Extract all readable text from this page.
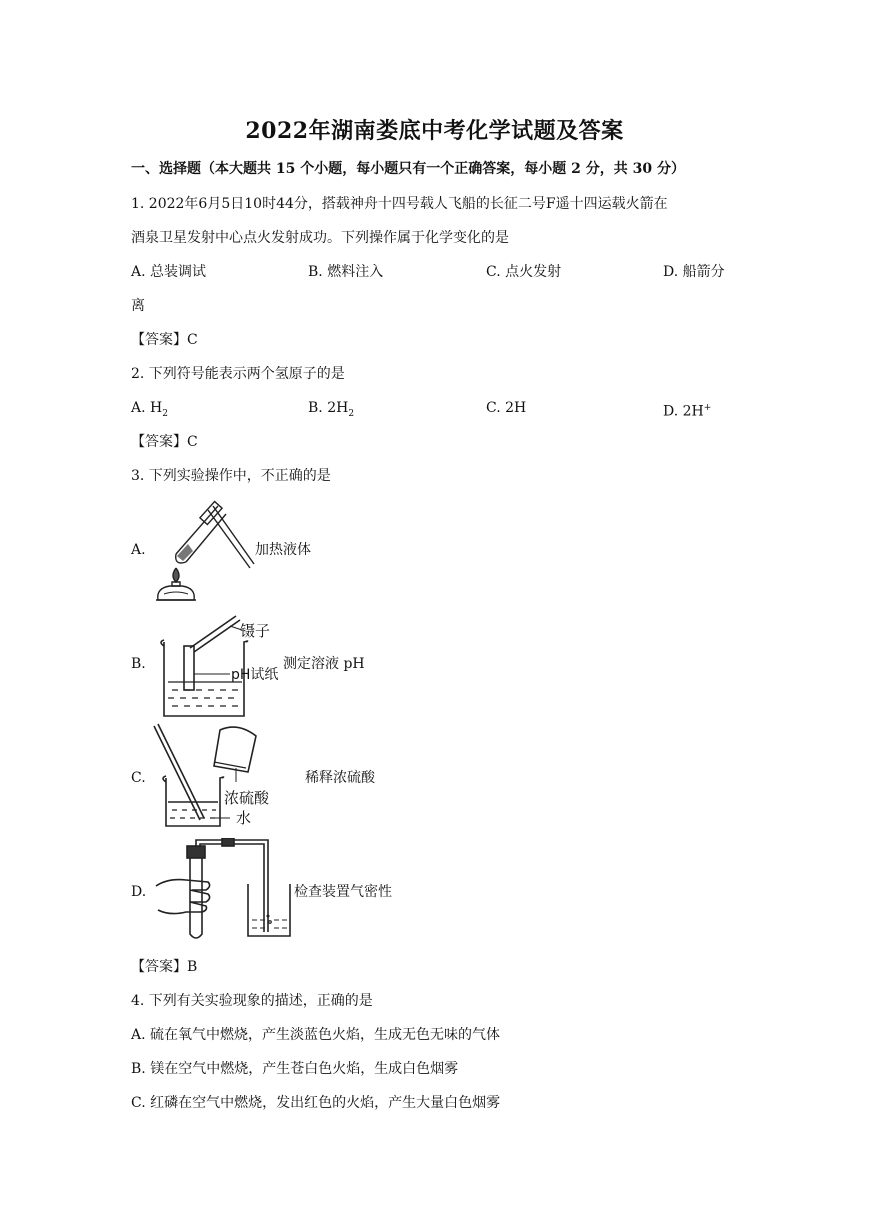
2022年湖南娄底中考化学试题及答案
一、选择题（本大题共 15 个小题，每小题只有一个正确答案，每小题 2 分，共 30 分）
1. 2022年6月5日10时44分，搭载神舟十四号载人飞船的长征二号F遥十四运载火箭在
酒泉卫星发射中心点火发射成功。下列操作属于化学变化的是
A. 总装调试	B. 燃料注入	C. 点火发射	D. 船箭分
离
【答案】C
2. 下列符号能表示两个氢原子的是
A. $H_2$	B. $2H_2$	C. 2H	D. 2H+
【答案】C
3. 下列实验操作中，不正确的是
A.	加热液体
B.
镊子
pH试纸
测定溶液 pH
C.
浓硫酸
水
稀释浓硫酸
D.	检查装置气密性
【答案】B
4. 下列有关实验现象的描述，正确的是
A. 硫在氧气中燃烧，产生淡蓝色火焰，生成无色无味的气体
B. 镁在空气中燃烧，产生苍白色火焰，生成白色烟雾
C. 红磷在空气中燃烧，发出红色的火焰，产生大量白色烟雾
